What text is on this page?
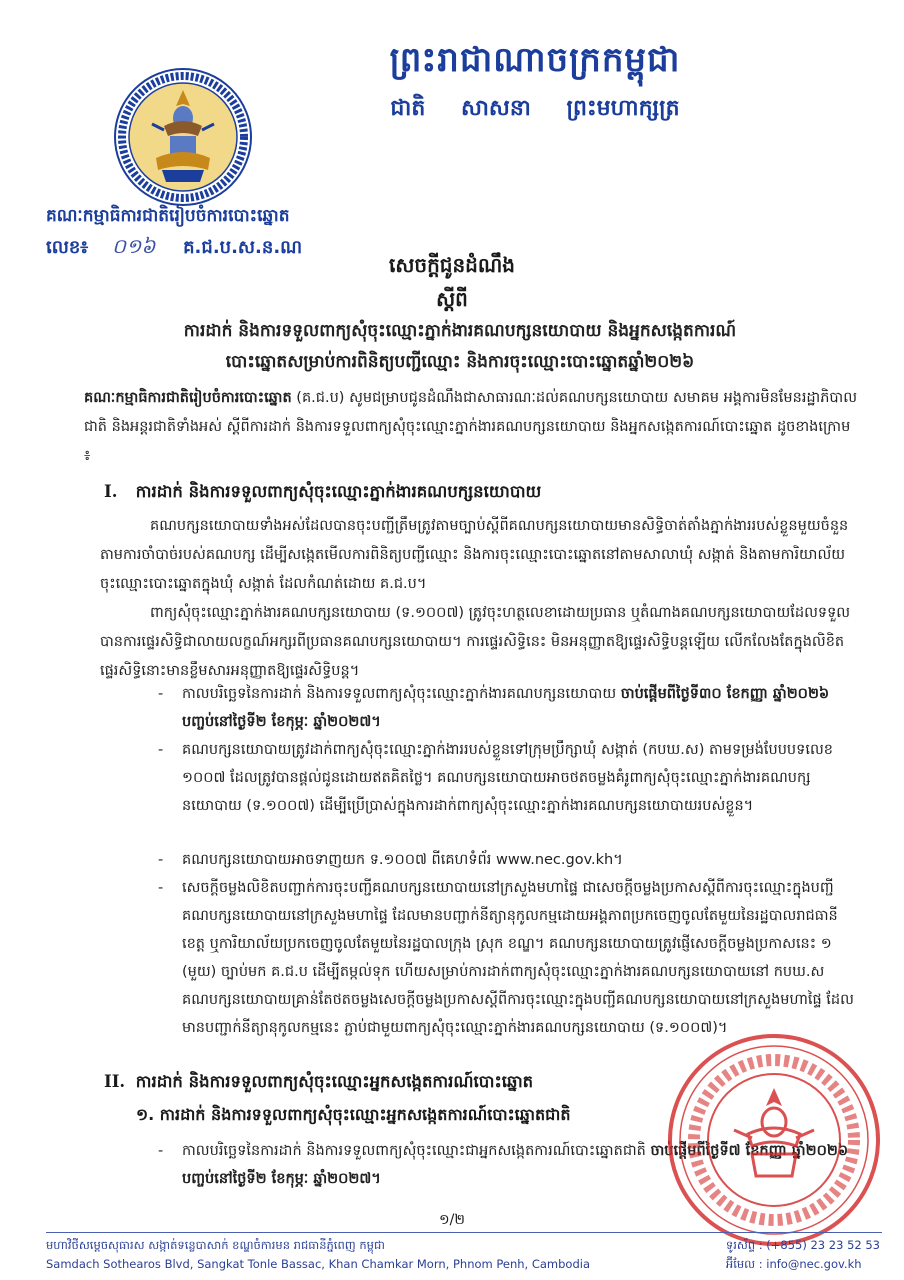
ព្រះរាជាណាចក្រកម្ពុជា
ជាតិ សាសនា ព្រះមហាក្សត្រ
គណៈកម្មាធិការជាតិរៀបចំការបោះឆ្នោត
លេខ៖ ០១៦ គ.ជ.ប.ស.ន.ណ
សេចក្តីជូនដំណឹង
ស្តីពី
ការដាក់ និងការទទួលពាក្យសុំចុះឈ្មោះភ្នាក់ងារគណបក្សនយោបាយ និងអ្នកសង្កេតការណ៍
បោះឆ្នោតសម្រាប់ការពិនិត្យបញ្ជីឈ្មោះ និងការចុះឈ្មោះបោះឆ្នោតឆ្នាំ២០២៦
គណៈកម្មាធិការជាតិរៀបចំការបោះឆ្នោត (គ.ជ.ប) សូមជម្រាបជូនដំណឹងជាសាធារណៈដល់គណបក្សនយោបាយ សមាគម អង្គការមិនមែនរដ្ឋាភិបាលជាតិ និងអន្តរជាតិទាំងអស់ ស្តីពីការដាក់ និងការទទួលពាក្យសុំចុះឈ្មោះភ្នាក់ងារគណបក្សនយោបាយ និងអ្នកសង្កេតការណ៍បោះឆ្នោត ដូចខាងក្រោម ៖
I. ការដាក់ និងការទទួលពាក្យសុំចុះឈ្មោះភ្នាក់ងារគណបក្សនយោបាយ
គណបក្សនយោបាយទាំងអស់ដែលបានចុះបញ្ជីត្រឹមត្រូវតាមច្បាប់ស្តីពីគណបក្សនយោបាយមានសិទ្ធិចាត់តាំងភ្នាក់ងាររបស់ខ្លួនមួយចំនួនតាមការចាំបាច់របស់គណបក្ស ដើម្បីសង្កេតមើលការពិនិត្យបញ្ជីឈ្មោះ និងការចុះឈ្មោះបោះឆ្នោតនៅតាមសាលាឃុំ សង្កាត់ និងតាមការិយាល័យចុះឈ្មោះបោះឆ្នោតក្នុងឃុំ សង្កាត់ ដែលកំណត់ដោយ គ.ជ.ប។
ពាក្យសុំចុះឈ្មោះភ្នាក់ងារគណបក្សនយោបាយ (ទ.១០០៧) ត្រូវចុះហត្ថលេខាដោយប្រធាន ឬតំណាងគណបក្សនយោបាយដែលទទួលបានការផ្ទេរសិទ្ធិជាលាយលក្ខណ៍អក្សរពីប្រធានគណបក្សនយោបាយ។ ការផ្ទេរសិទ្ធិនេះ មិនអនុញ្ញាតឱ្យផ្ទេរសិទ្ធិបន្តឡើយ លើកលែងតែក្នុងលិខិតផ្ទេរសិទ្ធិនោះមានខ្លឹមសារអនុញ្ញាតឱ្យផ្ទេរសិទ្ធិបន្ត។
- កាលបរិច្ឆេទនៃការដាក់ និងការទទួលពាក្យសុំចុះឈ្មោះភ្នាក់ងារគណបក្សនយោបាយ ចាប់ផ្តើមពីថ្ងៃទី៣០ ខែកញ្ញា ឆ្នាំ២០២៦ បញ្ចប់នៅថ្ងៃទី២ ខែកុម្ភៈ ឆ្នាំ២០២៧។
- គណបក្សនយោបាយត្រូវដាក់ពាក្យសុំចុះឈ្មោះភ្នាក់ងាររបស់ខ្លួនទៅក្រុមប្រឹក្សាឃុំ សង្កាត់ (កបឃ.ស) តាមទម្រង់បែបបទលេខ ១០០៧ ដែលត្រូវបានផ្តល់ជូនដោយឥតគិតថ្លៃ។ គណបក្សនយោបាយអាចថតចម្លងគំរូពាក្យសុំចុះឈ្មោះភ្នាក់ងារគណបក្សនយោបាយ (ទ.១០០៧) ដើម្បីប្រើប្រាស់ក្នុងការដាក់ពាក្យសុំចុះឈ្មោះភ្នាក់ងារគណបក្សនយោបាយរបស់ខ្លួន។
- គណបក្សនយោបាយអាចទាញយក ទ.១០០៧ ពីគេហទំព័រ www.nec.gov.kh។
- សេចក្តីចម្លងលិខិតបញ្ជាក់ការចុះបញ្ជីគណបក្សនយោបាយនៅក្រសួងមហាផ្ទៃ ជាសេចក្តីចម្លងប្រកាសស្តីពីការចុះឈ្មោះក្នុងបញ្ជីគណបក្សនយោបាយនៅក្រសួងមហាផ្ទៃ ដែលមានបញ្ជាក់នីត្យានុកូលកម្មដោយអង្គភាពប្រកចេញចូលតែមួយនៃរដ្ឋបាលរាជធានី ខេត្ត ឬការិយាល័យប្រកចេញចូលតែមួយនៃរដ្ឋបាលក្រុង ស្រុក ខណ្ឌ។ គណបក្សនយោបាយត្រូវផ្ញើសេចក្តីចម្លងប្រកាសនេះ ១ (មួយ) ច្បាប់មក គ.ជ.ប ដើម្បីតម្កល់ទុក ហើយសម្រាប់ការដាក់ពាក្យសុំចុះឈ្មោះភ្នាក់ងារគណបក្សនយោបាយនៅ កបឃ.ស គណបក្សនយោបាយគ្រាន់តែថតចម្លងសេចក្តីចម្លងប្រកាសស្តីពីការចុះឈ្មោះក្នុងបញ្ជីគណបក្សនយោបាយនៅក្រសួងមហាផ្ទៃ ដែលមានបញ្ជាក់នីត្យានុកូលកម្មនេះ ភ្ជាប់ជាមួយពាក្យសុំចុះឈ្មោះភ្នាក់ងារគណបក្សនយោបាយ (ទ.១០០៧)។
II. ការដាក់ និងការទទួលពាក្យសុំចុះឈ្មោះអ្នកសង្កេតការណ៍បោះឆ្នោត
១. ការដាក់ និងការទទួលពាក្យសុំចុះឈ្មោះអ្នកសង្កេតការណ៍បោះឆ្នោតជាតិ
- កាលបរិច្ឆេទនៃការដាក់ និងការទទួលពាក្យសុំចុះឈ្មោះជាអ្នកសង្កេតការណ៍បោះឆ្នោតជាតិ ចាប់ផ្តើមពីថ្ងៃទី៧ ខែកញ្ញា ឆ្នាំ២០២៦ បញ្ចប់នៅថ្ងៃទី២ ខែកុម្ភៈ ឆ្នាំ២០២៧។
១/២
មហាវិថីសម្តេចសុធារស សង្កាត់ទន្លេបាសាក់ ខណ្ឌចំការមន រាជធានីភ្នំពេញ កម្ពុជា
Samdach Sothearos Blvd, Sangkat Tonle Bassac, Khan Chamkar Morn, Phnom Penh, Cambodia
ទូរស័ព្ទ : (+855) 23 23 52 53
អ៊ីមែល : info@nec.gov.kh
